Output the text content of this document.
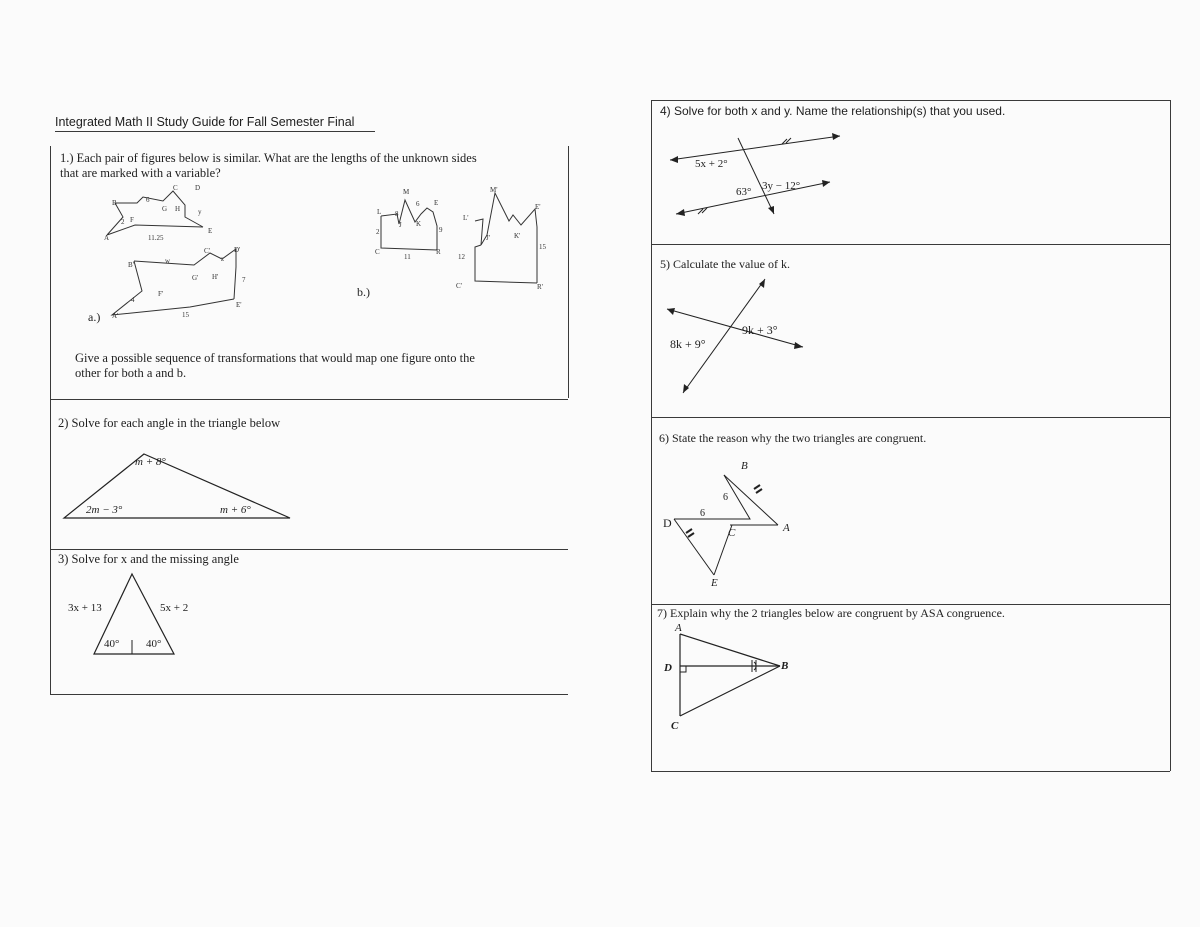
Integrated Math II Study Guide for Fall Semester Final
1.) Each pair of figures below is similar. What are the lengths of the unknown sides
that are marked with a variable?
B
C D
G H
A
E
F
y
2
6
11.25
A'
B'
C'	D'
E'
F'
G' H'
w	z
7
4
15
a.)
M
L
6 E
J K
8
C
11
R
9
2
M'
L'
E'
J'	K'
C'	R'
12
15
b.)
Give a possible sequence of transformations that would map one figure onto the
other for both a and b.
2) Solve for each angle in the triangle below
m + 8°
2m − 3°	m + 6°
3) Solve for x and the missing angle
3x + 13	5x + 2
40° 40°
4) Solve for both x and y. Name the relationship(s) that you used.
5x + 2°
63° 3y − 12°
5) Calculate the value of k.
8k + 9°
9k + 3°
6) State the reason why the two triangles are congruent.
B
D
C	A
E
6
6
7) Explain why the 2 triangles below are congruent by ASA congruence.
A
D	B
C
